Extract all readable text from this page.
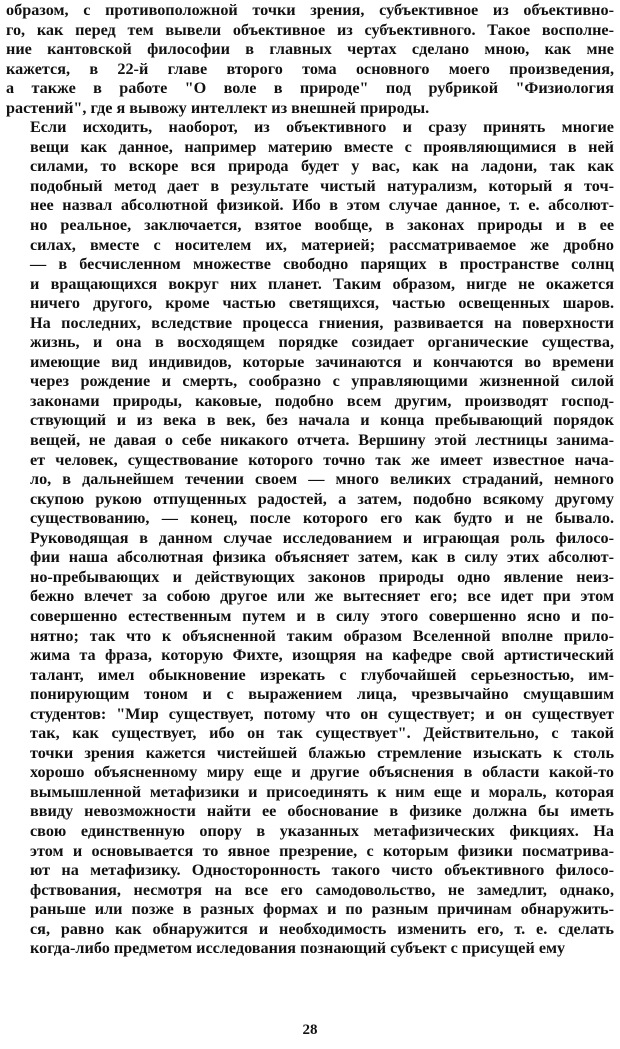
образом, с противоположной точки зрения, субъективное из объективно-
го, как перед тем вывели объективное из субъективного. Такое восполне-
ние кантовской философии в главных чертах сделано мною, как мне
кажется, в 22-й главе второго тома основного моего произведения,
а также в работе "О воле в природе" под рубрикой "Физиология
растений", где я вывожу интеллект из внешней природы.
Если исходить, наоборот, из объективного и сразу принять многие
вещи как данное, например материю вместе с проявляющимися в ней
силами, то вскоре вся природа будет у вас, как на ладони, так как
подобный метод дает в результате чистый натурализм, который я точ-
нее назвал абсолютной физикой. Ибо в этом случае данное, т. е. абсолют-
но реальное, заключается, взятое вообще, в законах природы и в ее
силах, вместе с носителем их, материей; рассматриваемое же дробно
— в бесчисленном множестве свободно парящих в пространстве солнц
и вращающихся вокруг них планет. Таким образом, нигде не окажется
ничего другого, кроме частью светящихся, частью освещенных шаров.
На последних, вследствие процесса гниения, развивается на поверхности
жизнь, и она в восходящем порядке созидает органические существа,
имеющие вид индивидов, которые зачинаются и кончаются во времени
через рождение и смерть, сообразно с управляющими жизненной силой
законами природы, каковые, подобно всем другим, производят господ-
ствующий и из века в век, без начала и конца пребывающий порядок
вещей, не давая о себе никакого отчета. Вершину этой лестницы занима-
ет человек, существование которого точно так же имеет известное нача-
ло, в дальнейшем течении своем — много великих страданий, немного
скупою рукою отпущенных радостей, а затем, подобно всякому другому
существованию, — конец, после которого его как будто и не бывало.
Руководящая в данном случае исследованием и играющая роль филосо-
фии наша абсолютная физика объясняет затем, как в силу этих абсолют-
но-пребывающих и действующих законов природы одно явление неиз-
бежно влечет за собою другое или же вытесняет его; все идет при этом
совершенно естественным путем и в силу этого совершенно ясно и по-
нятно; так что к объясненной таким образом Вселенной вполне прило-
жима та фраза, которую Фихте, изощряя на кафедре свой артистический
талант, имел обыкновение изрекать с глубочайшей серьезностью, им-
понирующим тоном и с выражением лица, чрезвычайно смущавшим
студентов: "Мир существует, потому что он существует; и он существует
так, как существует, ибо он так существует". Действительно, с такой
точки зрения кажется чистейшей блажью стремление изыскать к столь
хорошо объясненному миру еще и другие объяснения в области какой-то
вымышленной метафизики и присоединять к ним еще и мораль, которая
ввиду невозможности найти ее обоснование в физике должна бы иметь
свою единственную опору в указанных метафизических фикциях. На
этом и основывается то явное презрение, с которым физики посматрива-
ют на метафизику. Односторонность такого чисто объективного филосо-
фствования, несмотря на все его самодовольство, не замедлит, однако,
раньше или позже в разных формах и по разным причинам обнаружить-
ся, равно как обнаружится и необходимость изменить его, т. е. сделать
когда-либо предметом исследования познающий субъект с присущей ему
28
